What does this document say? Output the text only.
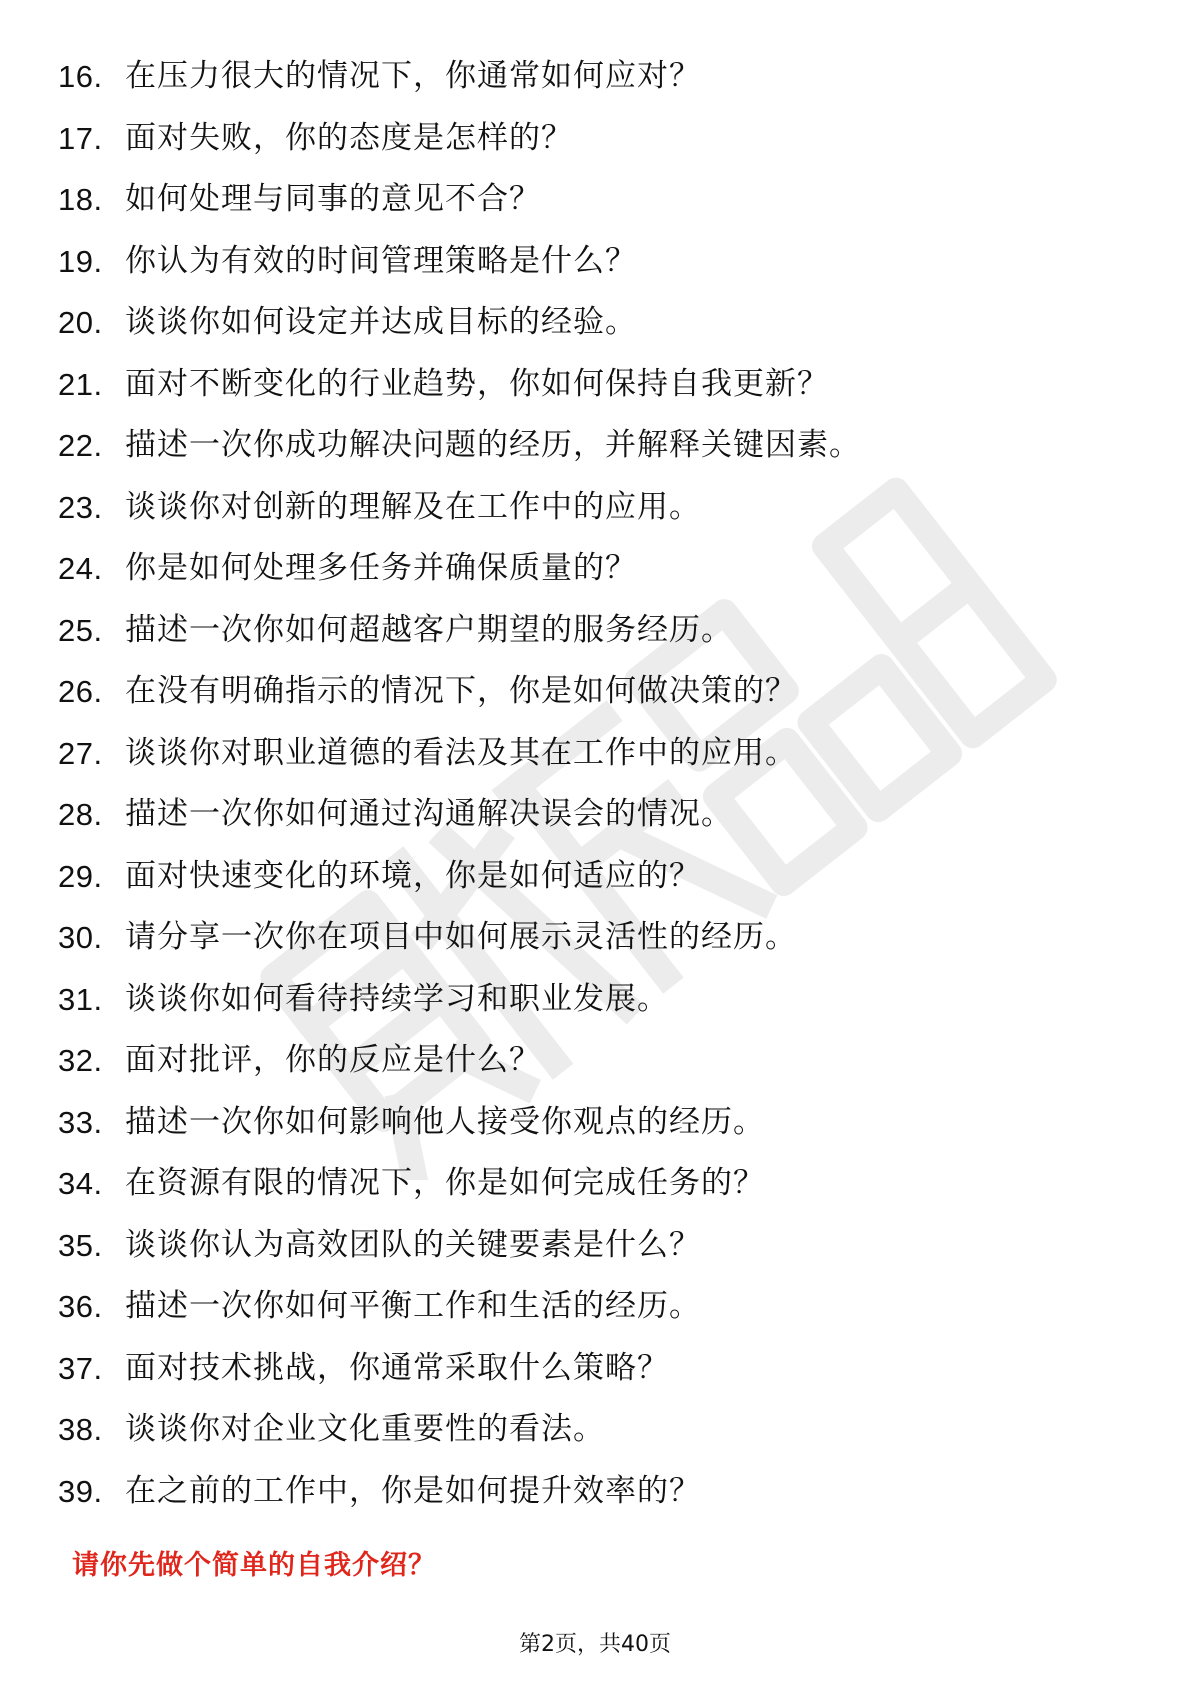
16. 在压力很大的情况下，你通常如何应对？
17. 面对失败，你的态度是怎样的？
18. 如何处理与同事的意见不合？
19. 你认为有效的时间管理策略是什么？
20. 谈谈你如何设定并达成目标的经验。
21. 面对不断变化的行业趋势，你如何保持自我更新？
22. 描述一次你成功解决问题的经历，并解释关键因素。
23. 谈谈你对创新的理解及在工作中的应用。
24. 你是如何处理多任务并确保质量的？
25. 描述一次你如何超越客户期望的服务经历。
26. 在没有明确指示的情况下，你是如何做决策的？
27. 谈谈你对职业道德的看法及其在工作中的应用。
28. 描述一次你如何通过沟通解决误会的情况。
29. 面对快速变化的环境，你是如何适应的？
30. 请分享一次你在项目中如何展示灵活性的经历。
31. 谈谈你如何看待持续学习和职业发展。
32. 面对批评，你的反应是什么？
33. 描述一次你如何影响他人接受你观点的经历。
34. 在资源有限的情况下，你是如何完成任务的？
35. 谈谈你认为高效团队的关键要素是什么？
36. 描述一次你如何平衡工作和生活的经历。
37. 面对技术挑战，你通常采取什么策略？
38. 谈谈你对企业文化重要性的看法。
39. 在之前的工作中，你是如何提升效率的？
请你先做个简单的自我介绍？
第2页，共40页
